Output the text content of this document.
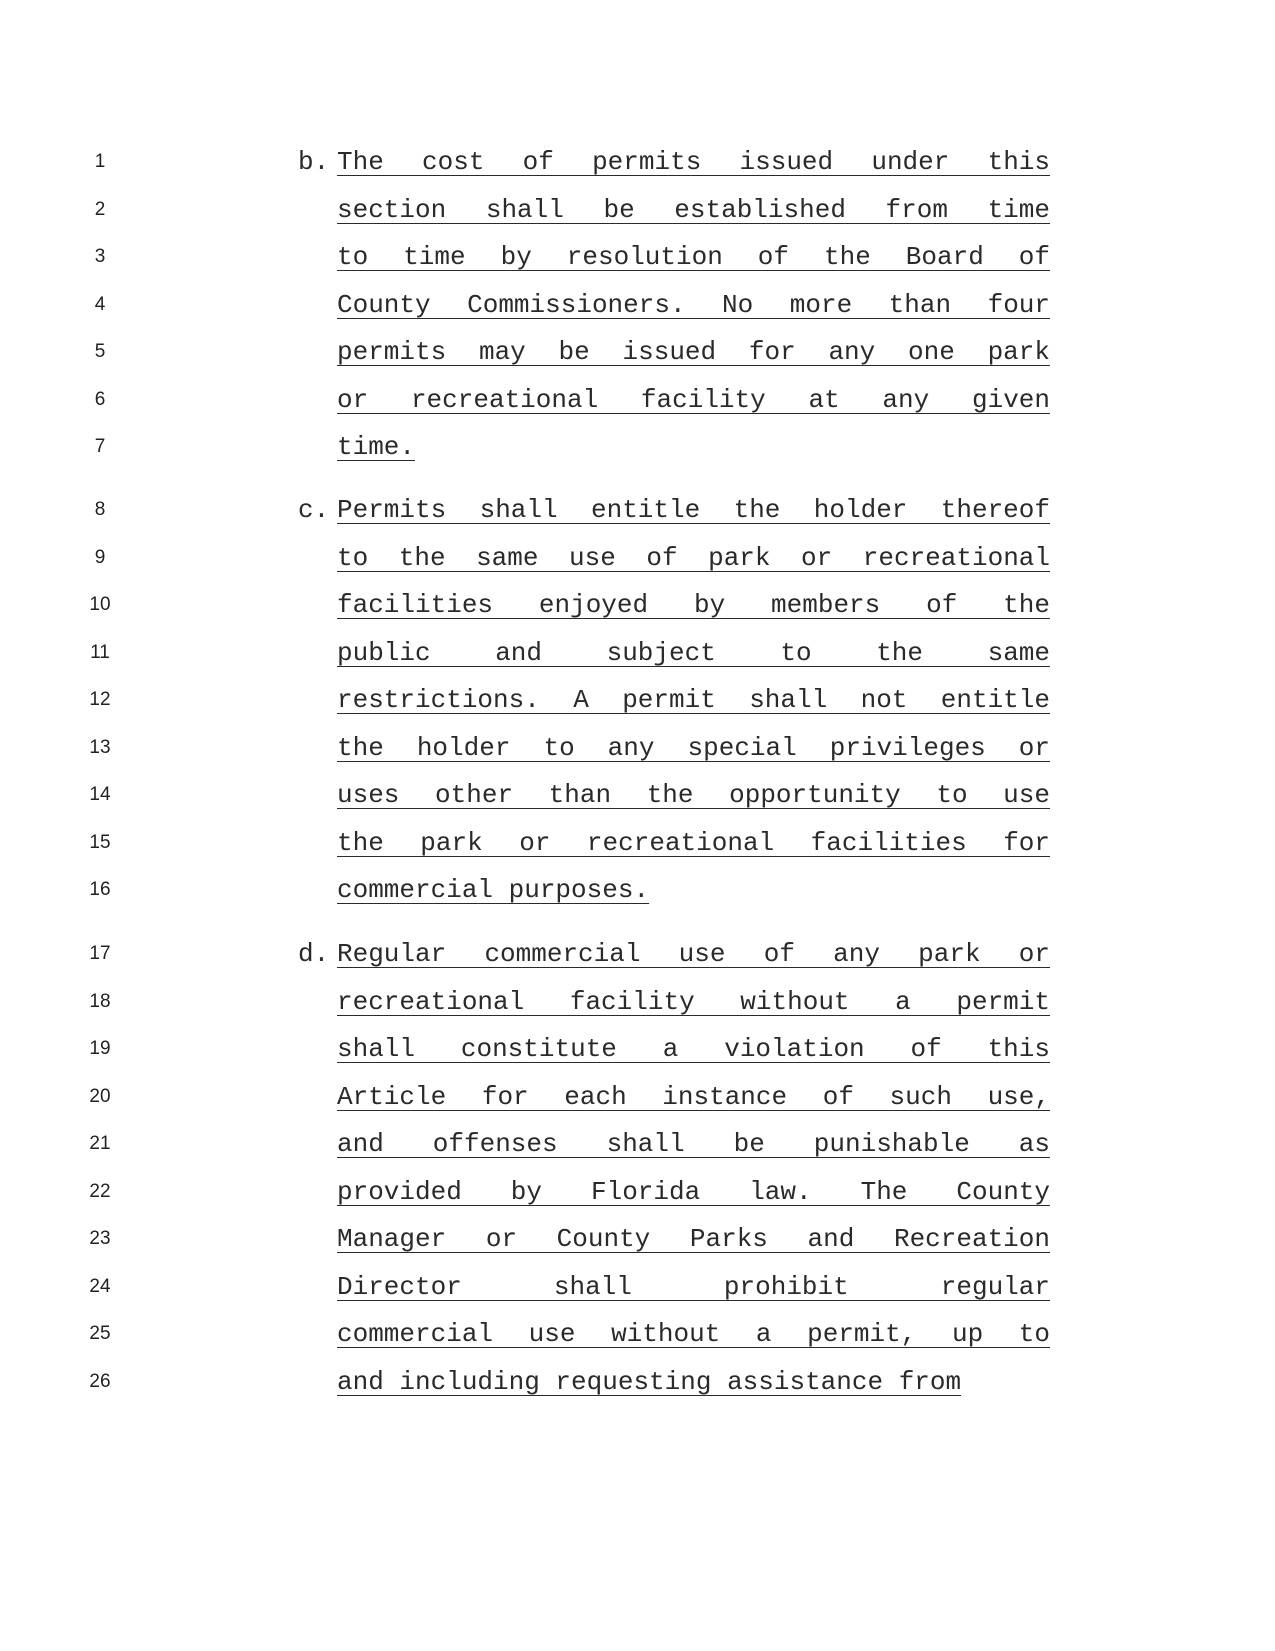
1	b. The cost of permits issued under this
2	section shall be established from time
3	to time by resolution of the Board of
4	County Commissioners. No more than four
5	permits may be issued for any one park
6	or recreational facility at any given
7	time.
8	c. Permits shall entitle the holder thereof
9	to the same use of park or recreational
10	facilities enjoyed by members of the
11	public and subject to the same
12	restrictions. A permit shall not entitle
13	the holder to any special privileges or
14	uses other than the opportunity to use
15	the park or recreational facilities for
16	commercial purposes.
17	d. Regular commercial use of any park or
18	recreational facility without a permit
19	shall constitute a violation of this
20	Article for each instance of such use,
21	and offenses shall be punishable as
22	provided by Florida law. The County
23	Manager or County Parks and Recreation
24	Director shall prohibit regular
25	commercial use without a permit, up to
26	and including requesting assistance from
